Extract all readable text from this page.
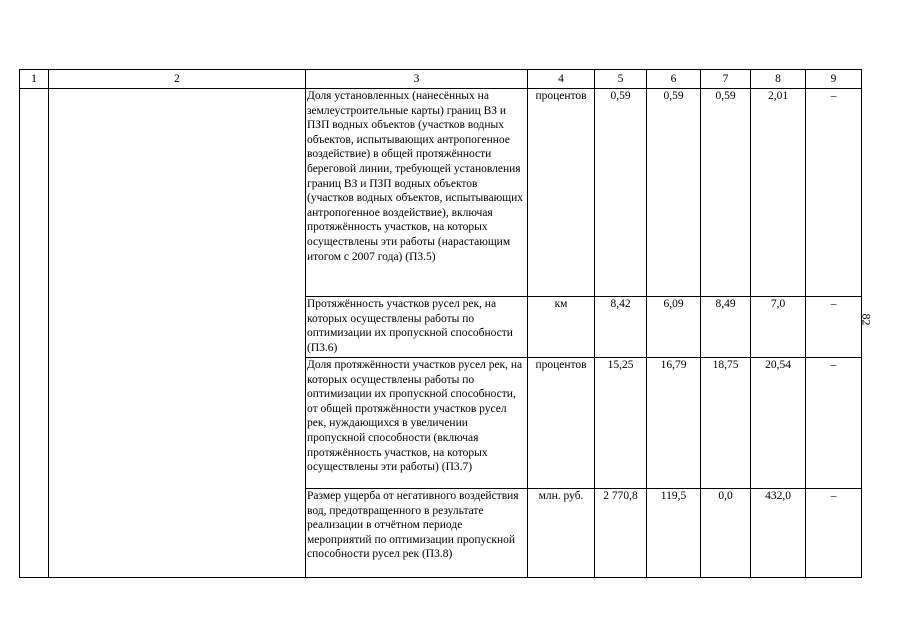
82
1	2	3	4	5	6	7	8	9
		Доля установленных (нанесённых на землеустроительные карты) границ ВЗ и ПЗП водных объектов (участков водных объектов, испытывающих антропогенное воздействие) в общей протяжённости береговой линии, требующей установления границ ВЗ и ПЗП водных объектов (участков водных объектов, испытывающих антропогенное воздействие), включая протяжённость участков, на которых осуществлены эти работы (нарастающим итогом с 2007 года) (П3.5)	процентов	0,59	0,59	0,59	2,01	–
		Протяжённость участков русел рек, на которых осуществлены работы по оптимизации их пропускной способности (П3.6)	км	8,42	6,09	8,49	7,0	–
		Доля протяжённости участков русел рек, на которых осуществлены работы по оптимизации их пропускной способности, от общей протяжённости участков русел рек, нуждающихся в увеличении пропускной способности (включая протяжённость участков, на которых осуществлены эти работы) (П3.7)	процентов	15,25	16,79	18,75	20,54	–
		Размер ущерба от негативного воздействия вод, предотвращенного в результате реализации в отчётном периоде мероприятий по оптимизации пропускной способности русел рек (П3.8)	млн. руб.	2 770,8	119,5	0,0	432,0	–
